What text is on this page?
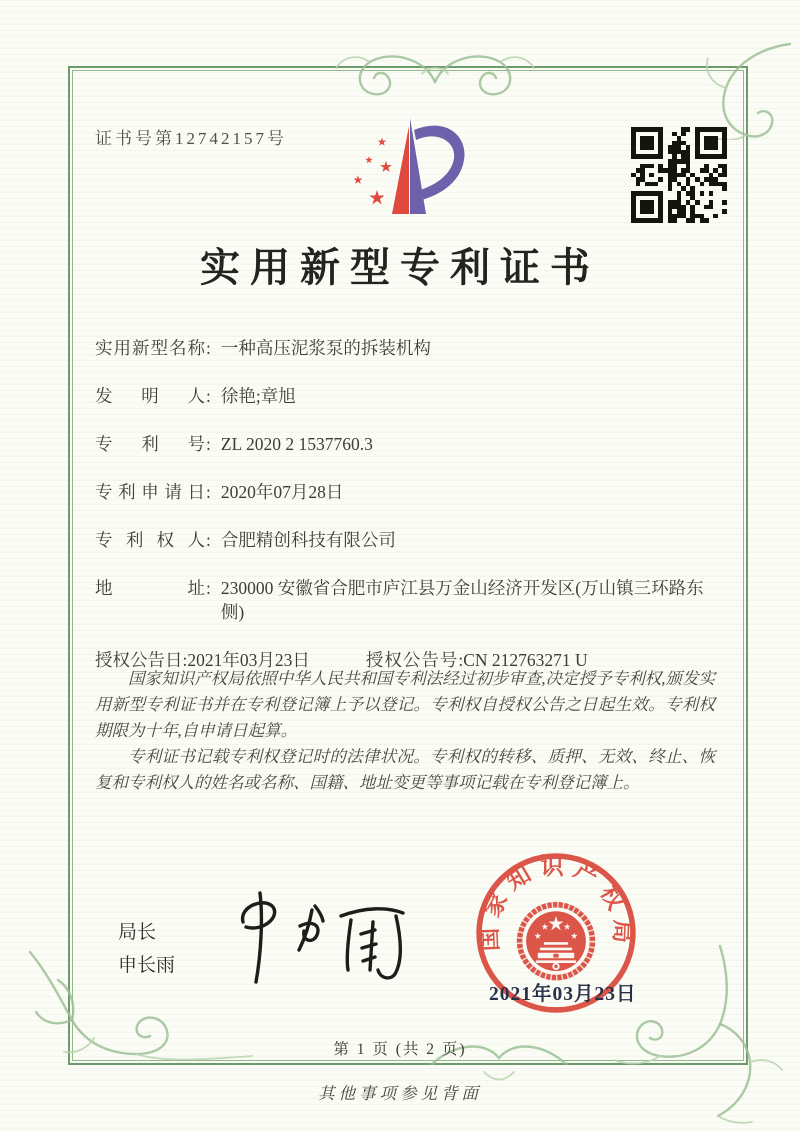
证书号第12742157号
实用新型专利证书
实用新型名称 : 一种高压泥浆泵的拆装机构
发明人 : 徐艳;章旭
专利号 : ZL 2020 2 1537760.3
专利申请日 : 2020年07月28日
专利权人 : 合肥精创科技有限公司
地址 : 230000 安徽省合肥市庐江县万金山经济开发区(万山镇三环路东侧)
授权公告日 : 2021年03月23日	授权公告号 : CN 212763271 U

国家知识产权局依照中华人民共和国专利法经过初步审查,决定授予专利权,颁发实用新型专利证书并在专利登记簿上予以登记。专利权自授权公告之日起生效。专利权期限为十年,自申请日起算。

专利证书记载专利权登记时的法律状况。专利权的转移、质押、无效、终止、恢复和专利权人的姓名或名称、国籍、地址变更等事项记载在专利登记簿上。

局长
申长雨
国家知识产权局
2021年03月23日
第 1 页 (共 2 页)
其他事项参见背面
